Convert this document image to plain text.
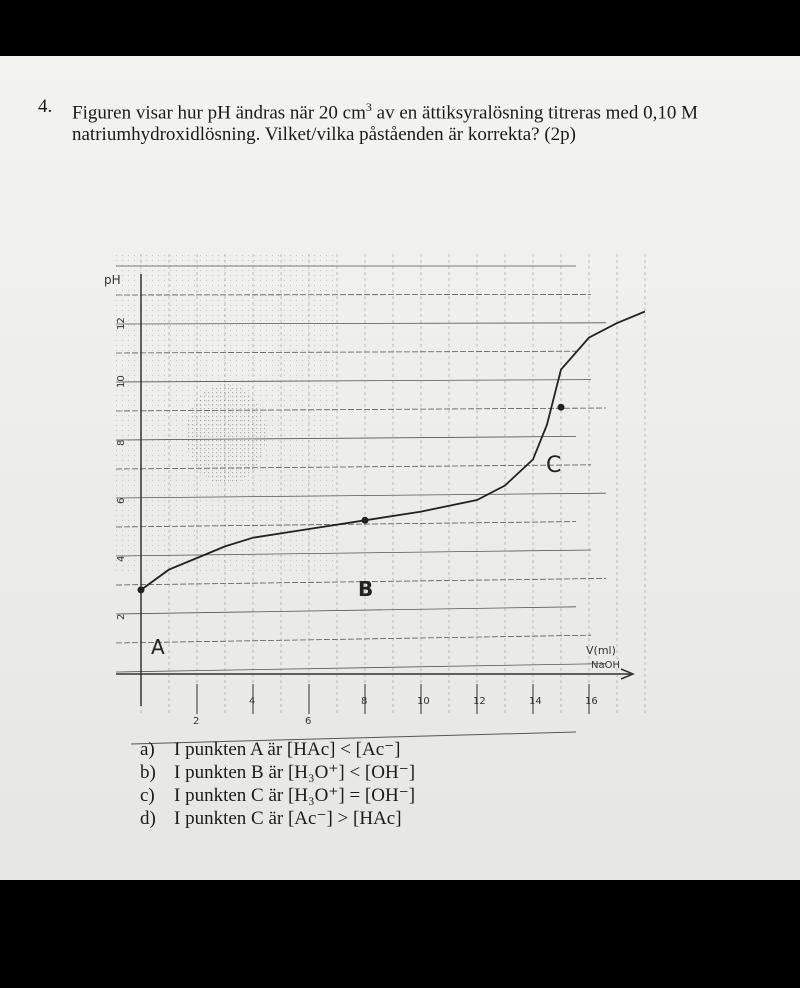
4. Figuren visar hur pH ändras när 20 $cm^3$ av en ättiksyralösning titreras med 0,10 M natriumhydroxidlösning. Vilket/vilka påståenden är korrekta? (2p)
pH
2
4
6
8
10
12
2
4
6
8	10	12	14	16
V(ml)
NaOH
A
B
C
a)	I punkten A är [HAc] < [Ac⁻]
b) I punkten B är [H₃O⁺] < [OH⁻]
c)	I punkten C är [H₃O⁺] = [OH⁻]
d) I punkten C är [Ac⁻] > [HAc]
